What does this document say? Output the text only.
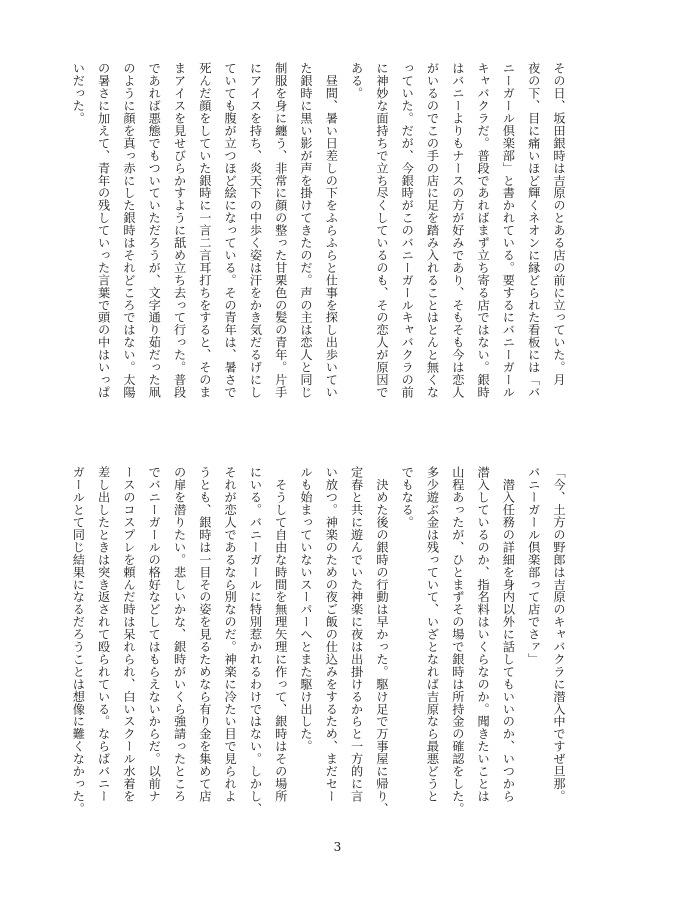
その日、坂田銀時は吉原のとある店の前に立っていた。月
夜の下、目に痛いほど輝くネオンに縁どられた看板には「バ
ニーガール倶楽部」と書かれている。要するにバニーガール
キャバクラだ。普段であればまず立ち寄る店ではない。銀時
はバニーよりもナースの方が好みであり、そもそも今は恋人
がいるのでこの手の店に足を踏み入れることはとんと無くな
っていた。だが、今銀時がこのバニーガールキャバクラの前
に神妙な面持ちで立ち尽くしているのも、その恋人が原因で
ある。
　昼間、暑い日差しの下をふらふらと仕事を探し出歩いてい
た銀時に黒い影が声を掛けてきたのだ。声の主は恋人と同じ
制服を身に纏う、非常に顔の整った甘栗色の髪の青年。片手
にアイスを持ち、炎天下の中歩く姿は汗をかき気だるげにし
ていても腹が立つほど絵になっている。その青年は、暑さで
死んだ顔をしていた銀時に一言二言耳打ちをすると、そのま
まアイスを見せびらかすように舐め立ち去って行った。普段
であれば悪態でもついていただろうが、文字通り茹だった凧
のように顔を真っ赤にした銀時はそれどころではない。太陽
の暑さに加えて、青年の残していった言葉で頭の中はいっぱ
いだった。
「今、土方の野郎は吉原のキャバクラに潜入中ですぜ旦那。
バニーガール倶楽部って店でさァ」
　潜入任務の詳細を身内以外に話してもいいのか、いつから
潜入しているのか、指名料はいくらなのか。聞きたいことは
山程あったが、ひとまずその場で銀時は所持金の確認をした。
多少遊ぶ金は残っていて、いざとなれば吉原なら最悪どうと
でもなる。
　決めた後の銀時の行動は早かった。駆け足で万事屋に帰り、
定春と共に遊んでいた神楽に夜は出掛けるからと一方的に言
い放つ。神楽のための夜ご飯の仕込みをするため、まだセー
ルも始まっていないスーパーへとまた駆け出した。
　そうして自由な時間を無理矢理に作って、銀時はその場所
にいる。バニーガールに特別惹かれるわけではない。しかし、
それが恋人であるなら別なのだ。神楽に冷たい目で見られよ
うとも、銀時は一目その姿を見るためなら有り金を集めて店
の扉を潜りたい。悲しいかな、銀時がいくら強請ったところ
でバニーガールの格好などしてはもらえないからだ。以前ナ
ースのコスプレを頼んだ時は呆れられ、白いスクール水着を
差し出したときは突き返されて殴られている。ならばバニー
ガールとて同じ結果になるだろうことは想像に難くなかった。
3
